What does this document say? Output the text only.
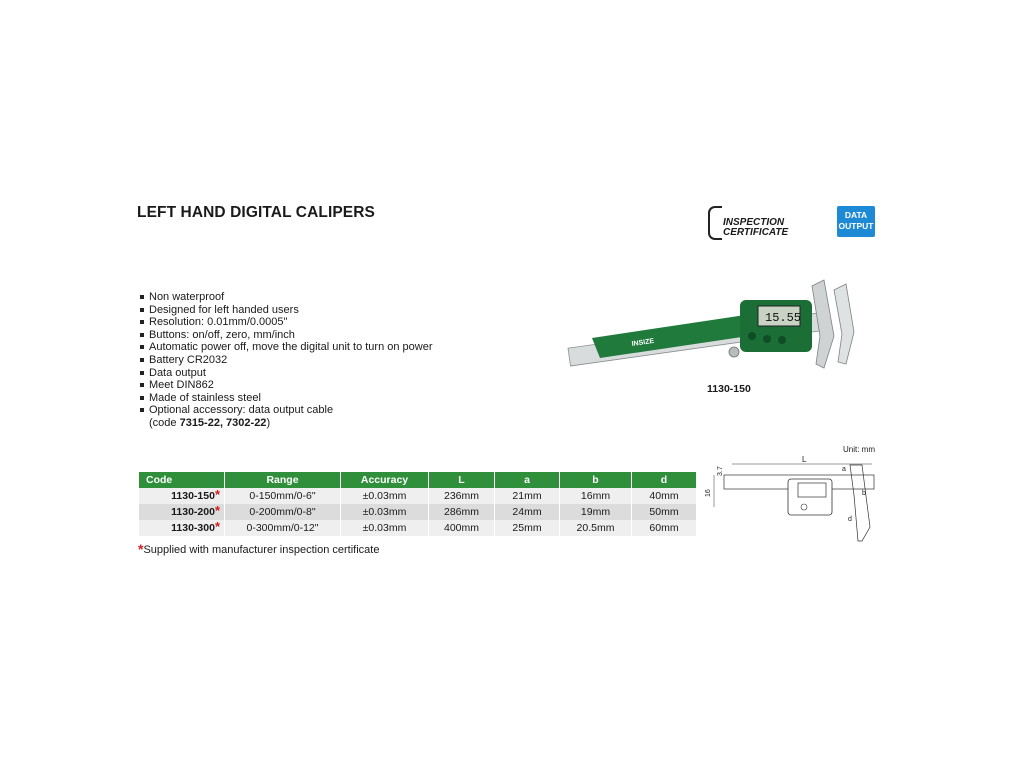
LEFT HAND DIGITAL CALIPERS
INSPECTION
CERTIFICATE
DATA
OUTPUT
Non waterproof
Designed for left handed users
Resolution: 0.01mm/0.0005"
Buttons: on/off, zero, mm/inch
Automatic power off, move the digital unit to turn on power
Battery CR2032
Data output
Meet DIN862
Made of stainless steel
Optional accessory: data output cable
(code 7315-22, 7302-22)
INSIZE
15.55
1130-150
Unit: mm
L
a
b
d
3.7
16
Code	Range	Accuracy	L	a	b	d
1130-150*	0-150mm/0-6"	±0.03mm	236mm	21mm	16mm	40mm
1130-200*	0-200mm/0-8"	±0.03mm	286mm	24mm	19mm	50mm
1130-300*	0-300mm/0-12"	±0.03mm	400mm	25mm	20.5mm	60mm
*Supplied with manufacturer inspection certificate
